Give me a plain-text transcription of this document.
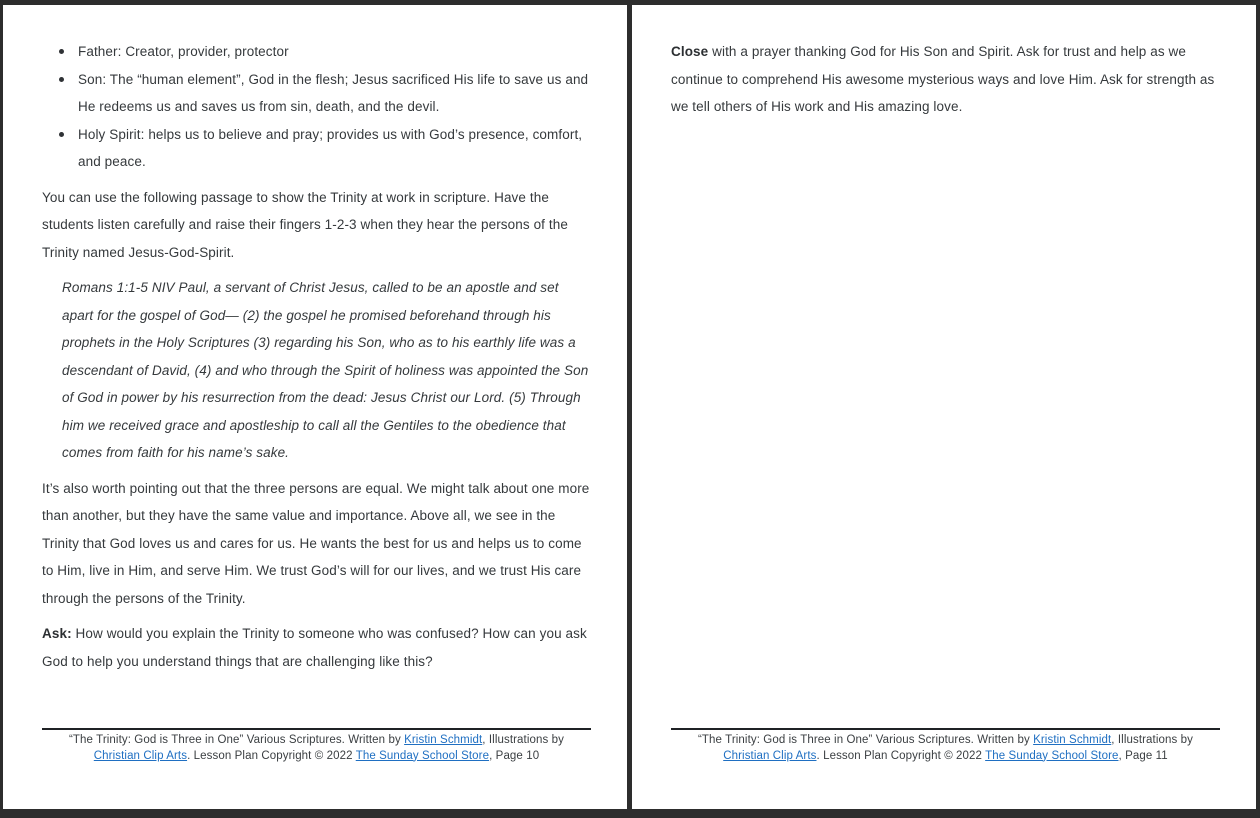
Father: Creator, provider, protector
Son: The “human element”, God in the flesh; Jesus sacrificed His life to save us and He redeems us and saves us from sin, death, and the devil.
Holy Spirit: helps us to believe and pray; provides us with God’s presence, comfort, and peace.

You can use the following passage to show the Trinity at work in scripture. Have the students listen carefully and raise their fingers 1-2-3 when they hear the persons of the Trinity named Jesus-God-Spirit.

Romans 1:1-5 NIV Paul, a servant of Christ Jesus, called to be an apostle and set apart for the gospel of God— (2) the gospel he promised beforehand through his prophets in the Holy Scriptures (3) regarding his Son, who as to his earthly life was a descendant of David, (4) and who through the Spirit of holiness was appointed the Son of God in power by his resurrection from the dead: Jesus Christ our Lord. (5) Through him we received grace and apostleship to call all the Gentiles to the obedience that comes from faith for his name’s sake.

It’s also worth pointing out that the three persons are equal. We might talk about one more than another, but they have the same value and importance. Above all, we see in the Trinity that God loves us and cares for us. He wants the best for us and helps us to come to Him, live in Him, and serve Him. We trust God’s will for our lives, and we trust His care through the persons of the Trinity.

Ask: How would you explain the Trinity to someone who was confused? How can you ask God to help you understand things that are challenging like this?

“The Trinity: God is Three in One” Various Scriptures. Written by Kristin Schmidt, Illustrations by Christian Clip Arts. Lesson Plan Copyright © 2022 The Sunday School Store, Page 10

Close with a prayer thanking God for His Son and Spirit. Ask for trust and help as we continue to comprehend His awesome mysterious ways and love Him. Ask for strength as we tell others of His work and His amazing love.

“The Trinity: God is Three in One” Various Scriptures. Written by Kristin Schmidt, Illustrations by Christian Clip Arts. Lesson Plan Copyright © 2022 The Sunday School Store, Page 11
